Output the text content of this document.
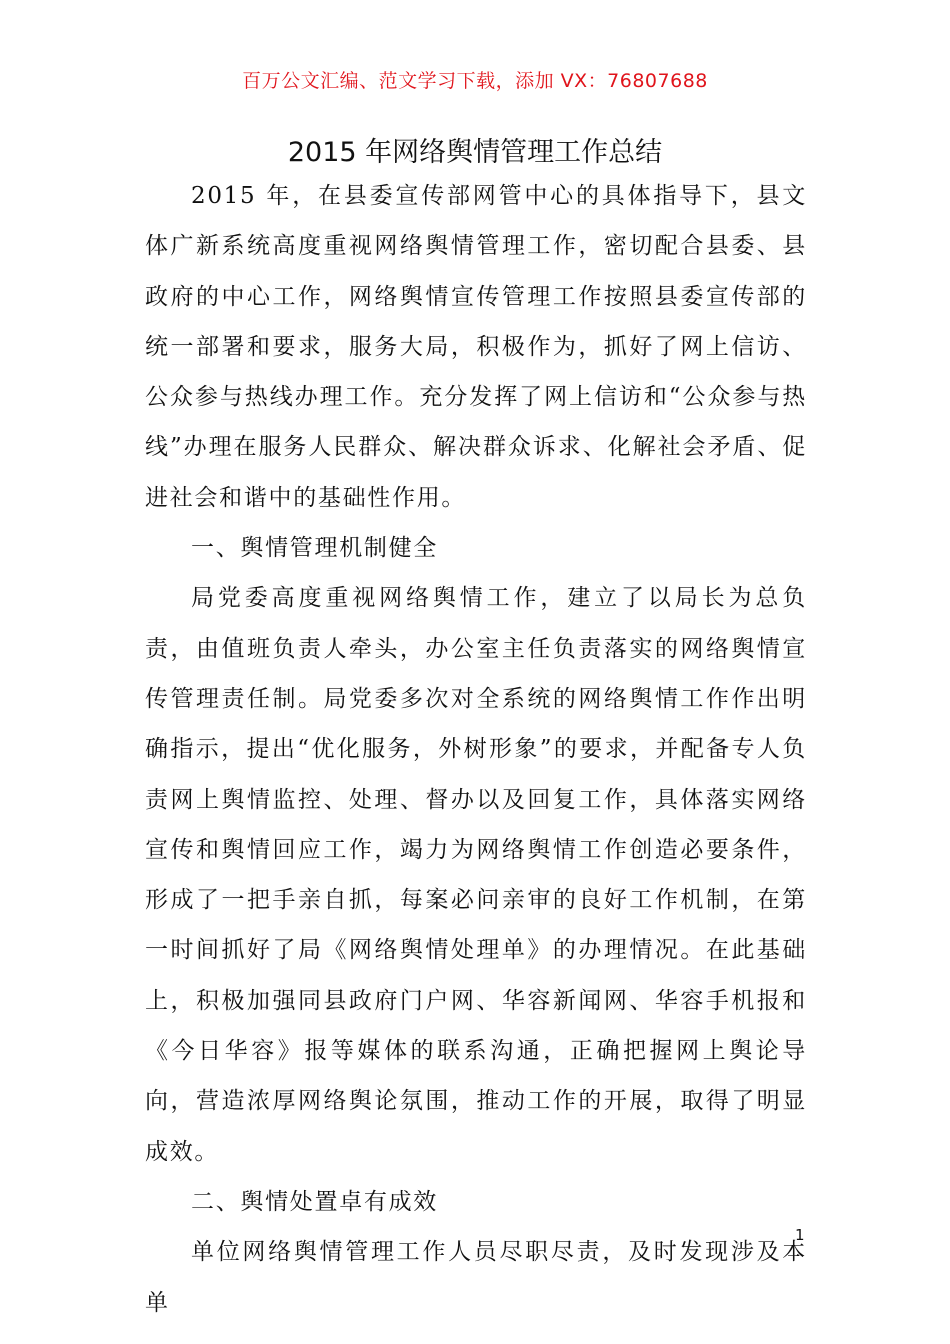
百万公文汇编、范文学习下载，添加 VX：76807688
2015 年网络舆情管理工作总结

2015 年，在县委宣传部网管中心的具体指导下，县文体广新系统高度重视网络舆情管理工作，密切配合县委、县政府的中心工作，网络舆情宣传管理工作按照县委宣传部的统一部署和要求，服务大局，积极作为，抓好了网上信访、公众参与热线办理工作。充分发挥了网上信访和“公众参与热线”办理在服务人民群众、解决群众诉求、化解社会矛盾、促进社会和谐中的基础性作用。

一、舆情管理机制健全

局党委高度重视网络舆情工作，建立了以局长为总负责，由值班负责人牵头，办公室主任负责落实的网络舆情宣传管理责任制。局党委多次对全系统的网络舆情工作作出明确指示，提出“优化服务，外树形象”的要求，并配备专人负责网上舆情监控、处理、督办以及回复工作，具体落实网络宣传和舆情回应工作，竭力为网络舆情工作创造必要条件，形成了一把手亲自抓，每案必问亲审的良好工作机制，在第一时间抓好了局《网络舆情处理单》的办理情况。在此基础上，积极加强同县政府门户网、华容新闻网、华容手机报和《今日华容》报等媒体的联系沟通，正确把握网上舆论导向，营造浓厚网络舆论氛围，推动工作的开展，取得了明显成效。

二、舆情处置卓有成效

单位网络舆情管理工作人员尽职尽责，及时发现涉及本单

1
